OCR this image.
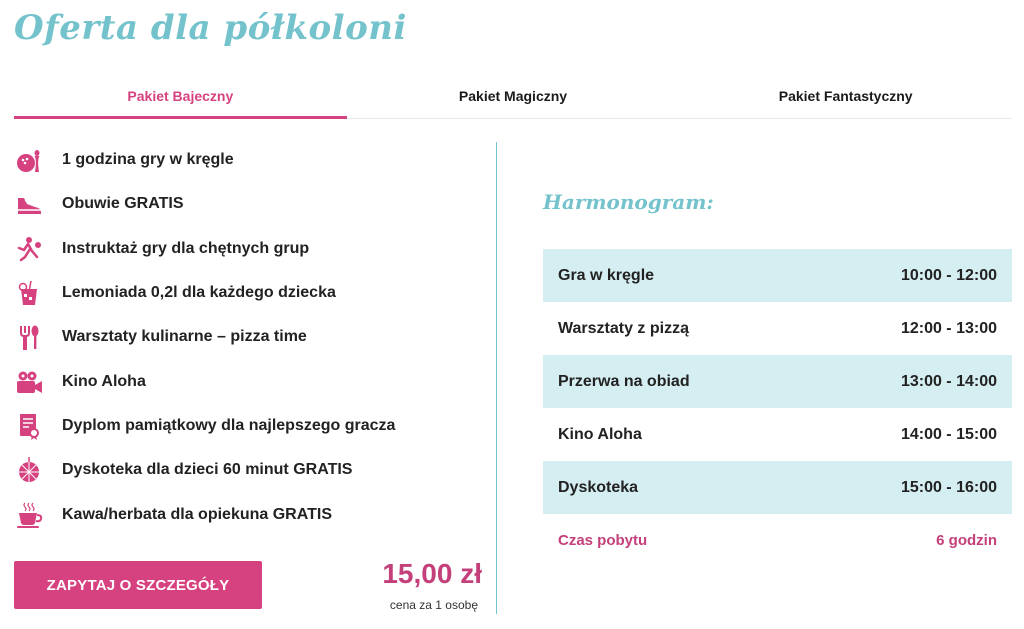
Oferta dla półkoloni
Pakiet Bajeczny	Pakiet Magiczny	Pakiet Fantastyczny
1 godzina gry w kręgle
Obuwie GRATIS
Instruktaż gry dla chętnych grup
Lemoniada 0,2l dla każdego dziecka
Warsztaty kulinarne – pizza time
Kino Aloha
Dyplom pamiątkowy dla najlepszego gracza
Dyskoteka dla dzieci 60 minut GRATIS
Kawa/herbata dla opiekuna GRATIS
ZAPYTAJ O SZCZEGÓŁY	15,00 zł
cena za 1 osobę
Harmonogram:
Gra w kręgle	10:00 - 12:00
Warsztaty z pizzą	12:00 - 13:00
Przerwa na obiad	13:00 - 14:00
Kino Aloha	14:00 - 15:00
Dyskoteka	15:00 - 16:00
Czas pobytu	6 godzin
